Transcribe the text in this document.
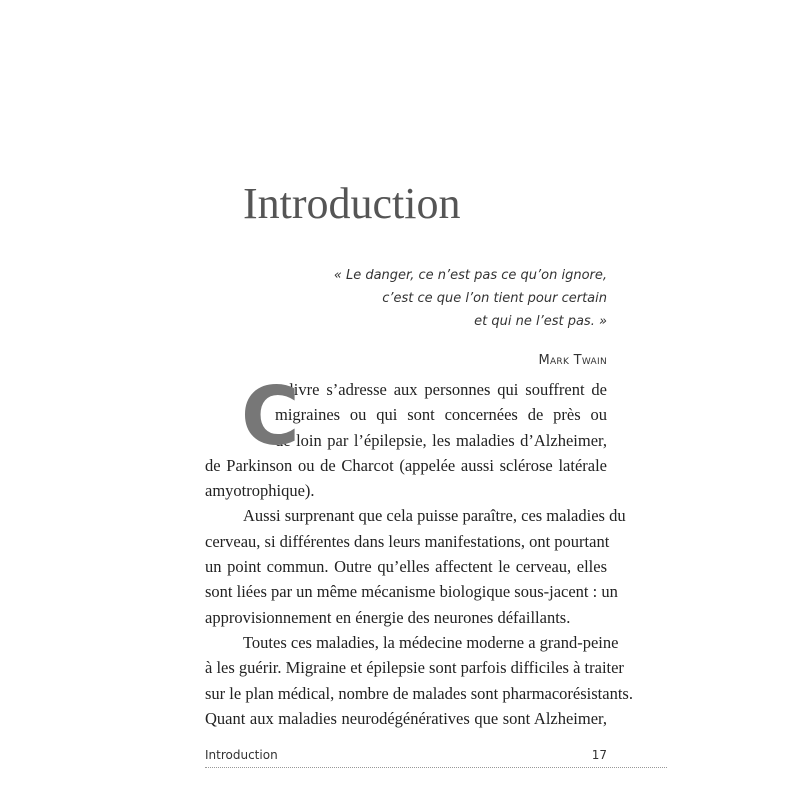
Introduction
« Le danger, ce n’est pas ce qu’on ignore,
c’est ce que l’on tient pour certain
et qui ne l’est pas. »
Mark Twain
C
e livre s’adresse aux personnes qui souffrent de
migraines ou qui sont concernées de près ou
de loin par l’épilepsie, les maladies d’Alzheimer,
de Parkinson ou de Charcot (appelée aussi sclérose latérale
amyotrophique).
Aussi surprenant que cela puisse paraître, ces maladies du
cerveau, si différentes dans leurs manifestations, ont pourtant
un point commun. Outre qu’elles affectent le cerveau, elles
sont liées par un même mécanisme biologique sous-jacent : un
approvisionnement en énergie des neurones défaillants.
Toutes ces maladies, la médecine moderne a grand-peine
à les guérir. Migraine et épilepsie sont parfois difficiles à traiter
sur le plan médical, nombre de malades sont pharmacorésistants.
Quant aux maladies neurodégénératives que sont Alzheimer,
Introduction	17
